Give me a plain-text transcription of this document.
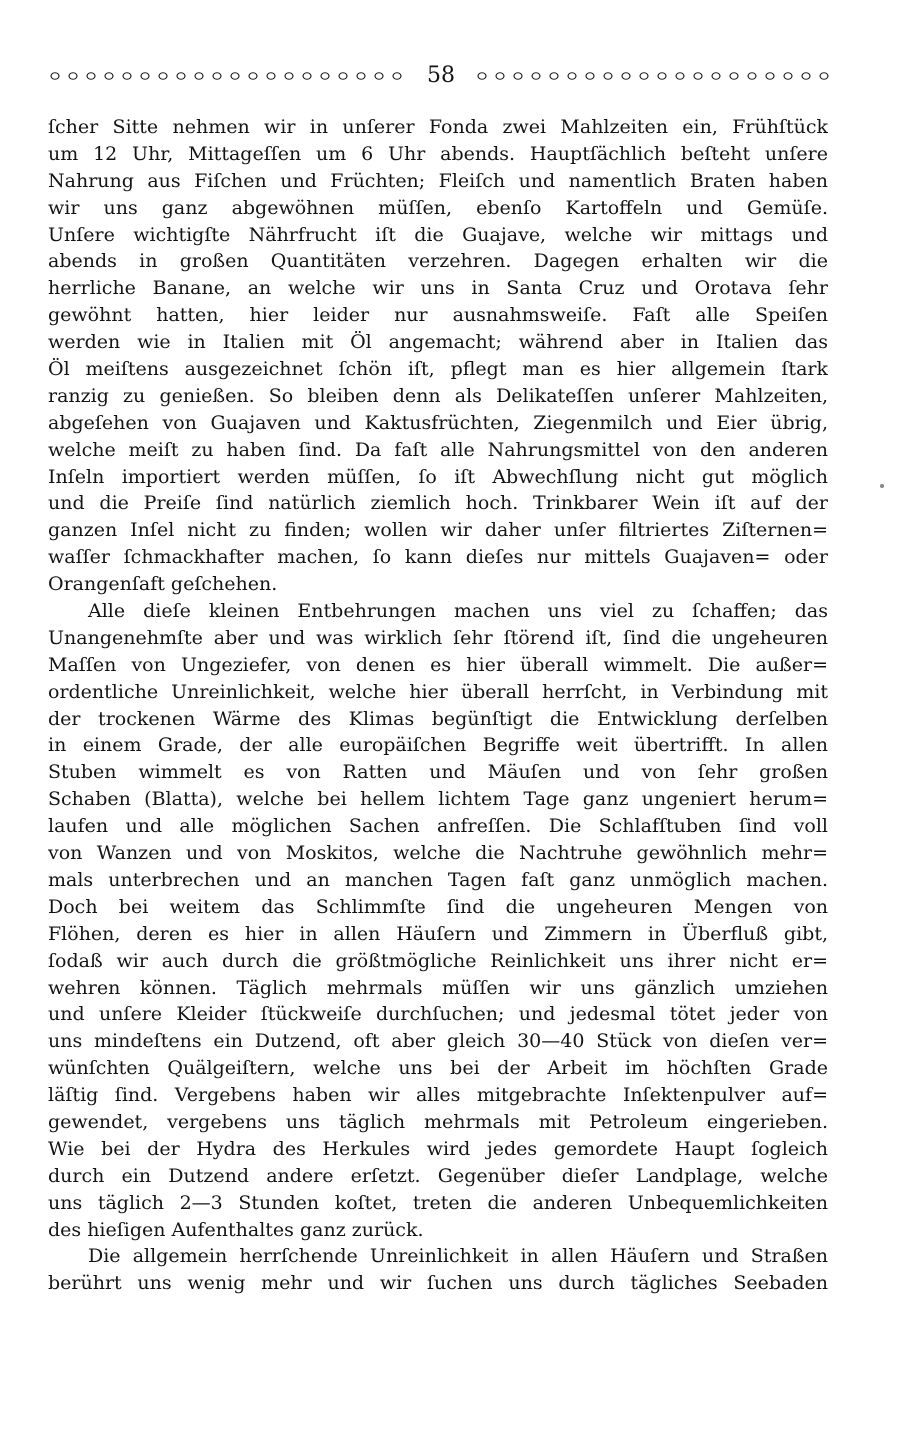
58
ſcher Sitte nehmen wir in unſerer Fonda zwei Mahlzeiten ein, Frühſtück
um 12 Uhr, Mittageſſen um 6 Uhr abends. Hauptſächlich beſteht unſere
Nahrung aus Fiſchen und Früchten; Fleiſch und namentlich Braten haben
wir uns ganz abgewöhnen müſſen, ebenſo Kartoffeln und Gemüſe.
Unſere wichtigſte Nährfrucht iſt die Guajave, welche wir mittags und
abends in großen Quantitäten verzehren. Dagegen erhalten wir die
herrliche Banane, an welche wir uns in Santa Cruz und Orotava ſehr
gewöhnt hatten, hier leider nur ausnahmsweiſe. Faſt alle Speiſen
werden wie in Italien mit Öl angemacht; während aber in Italien das
Öl meiſtens ausgezeichnet ſchön iſt, pflegt man es hier allgemein ſtark
ranzig zu genießen. So bleiben denn als Delikateſſen unſerer Mahlzeiten,
abgeſehen von Guajaven und Kaktusfrüchten, Ziegenmilch und Eier übrig,
welche meiſt zu haben ſind. Da faſt alle Nahrungsmittel von den anderen
Inſeln importiert werden müſſen, ſo iſt Abwechſlung nicht gut möglich
und die Preiſe ſind natürlich ziemlich hoch. Trinkbarer Wein iſt auf der
ganzen Inſel nicht zu finden; wollen wir daher unſer filtriertes Ziſternen=
waſſer ſchmackhafter machen, ſo kann dieſes nur mittels Guajaven= oder
Orangenſaft geſchehen.
Alle dieſe kleinen Entbehrungen machen uns viel zu ſchaffen; das
Unangenehmſte aber und was wirklich ſehr ſtörend iſt, ſind die ungeheuren
Maſſen von Ungeziefer, von denen es hier überall wimmelt. Die außer=
ordentliche Unreinlichkeit, welche hier überall herrſcht, in Verbindung mit
der trockenen Wärme des Klimas begünſtigt die Entwicklung derſelben
in einem Grade, der alle europäiſchen Begriffe weit übertrifft. In allen
Stuben wimmelt es von Ratten und Mäuſen und von ſehr großen
Schaben (Blatta), welche bei hellem lichtem Tage ganz ungeniert herum=
laufen und alle möglichen Sachen anfreſſen. Die Schlafſtuben ſind voll
von Wanzen und von Moskitos, welche die Nachtruhe gewöhnlich mehr=
mals unterbrechen und an manchen Tagen faſt ganz unmöglich machen.
Doch bei weitem das Schlimmſte ſind die ungeheuren Mengen von
Flöhen, deren es hier in allen Häuſern und Zimmern in Überfluß gibt,
ſodaß wir auch durch die größtmögliche Reinlichkeit uns ihrer nicht er=
wehren können. Täglich mehrmals müſſen wir uns gänzlich umziehen
und unſere Kleider ſtückweiſe durchſuchen; und jedesmal tötet jeder von
uns mindeſtens ein Dutzend, oft aber gleich 30—40 Stück von dieſen ver=
wünſchten Quälgeiſtern, welche uns bei der Arbeit im höchſten Grade
läſtig ſind. Vergebens haben wir alles mitgebrachte Inſektenpulver auf=
gewendet, vergebens uns täglich mehrmals mit Petroleum eingerieben.
Wie bei der Hydra des Herkules wird jedes gemordete Haupt ſogleich
durch ein Dutzend andere erſetzt. Gegenüber dieſer Landplage, welche
uns täglich 2—3 Stunden koſtet, treten die anderen Unbequemlichkeiten
des hieſigen Aufenthaltes ganz zurück.
Die allgemein herrſchende Unreinlichkeit in allen Häuſern und Straßen
berührt uns wenig mehr und wir ſuchen uns durch tägliches Seebaden
